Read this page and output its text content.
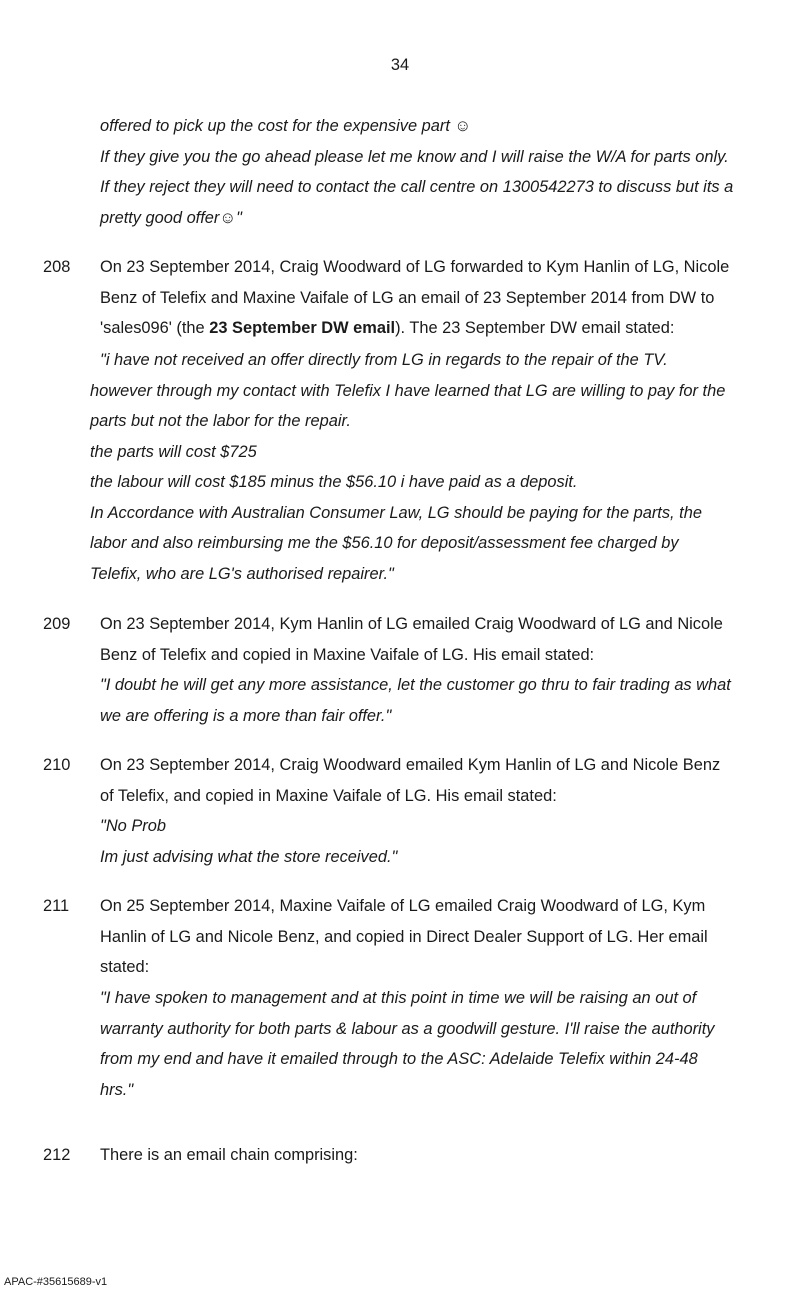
34
offered to pick up the cost for the expensive part ☺
If they give you the go ahead please let me know and I will raise the W/A for parts only.
If they reject they will need to contact the call centre on 1300542273 to discuss but its a
pretty good offer☺"
208 On 23 September 2014, Craig Woodward of LG forwarded to Kym Hanlin of LG, Nicole
Benz of Telefix and Maxine Vaifale of LG an email of 23 September 2014 from DW to
'sales096' (the 23 September DW email). The 23 September DW email stated:
"i have not received an offer directly from LG in regards to the repair of the TV.
however through my contact with Telefix I have learned that LG are willing to pay for the
parts but not the labor for the repair.
the parts will cost $725
the labour will cost $185 minus the $56.10 i have paid as a deposit.
In Accordance with Australian Consumer Law, LG should be paying for the parts, the
labor and also reimbursing me the $56.10 for deposit/assessment fee charged by
Telefix, who are LG's authorised repairer."
209 On 23 September 2014, Kym Hanlin of LG emailed Craig Woodward of LG and Nicole
Benz of Telefix and copied in Maxine Vaifale of LG. His email stated:
"I doubt he will get any more assistance, let the customer go thru to fair trading as what
we are offering is a more than fair offer."
210 On 23 September 2014, Craig Woodward emailed Kym Hanlin of LG and Nicole Benz
of Telefix, and copied in Maxine Vaifale of LG. His email stated:
"No Prob
Im just advising what the store received."
211 On 25 September 2014, Maxine Vaifale of LG emailed Craig Woodward of LG, Kym
Hanlin of LG and Nicole Benz, and copied in Direct Dealer Support of LG. Her email
stated:
"I have spoken to management and at this point in time we will be raising an out of
warranty authority for both parts & labour as a goodwill gesture. I'll raise the authority
from my end and have it emailed through to the ASC: Adelaide Telefix within 24-48
hrs."
212 There is an email chain comprising:
APAC-#35615689-v1
